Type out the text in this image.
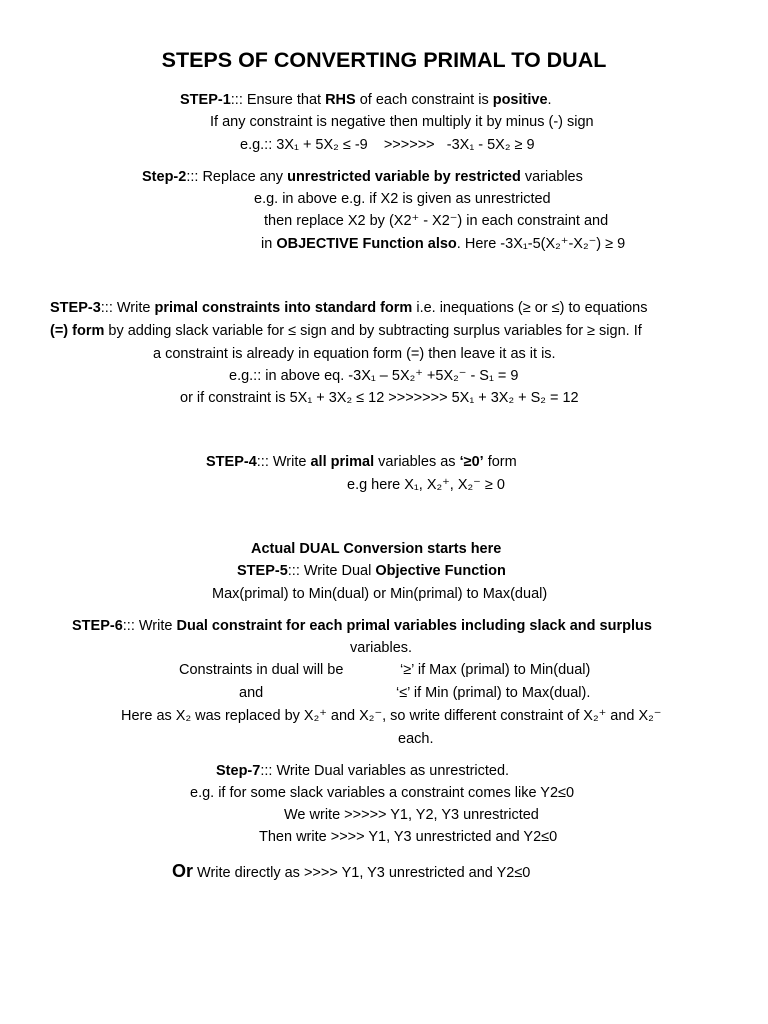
STEPS OF CONVERTING PRIMAL TO DUAL
STEP-1::: Ensure that RHS of each constraint is positive.
If any constraint is negative then multiply it by minus (-) sign
e.g.:: 3X₁ + 5X₂ ≤ -9 >>>>>> -3X₁ - 5X₂ ≥ 9
Step-2::: Replace any unrestricted variable by restricted variables
e.g. in above e.g. if X2 is given as unrestricted
then replace X2 by (X2⁺ - X2⁻) in each constraint and
in OBJECTIVE Function also. Here -3X₁-5(X₂⁺-X₂⁻) ≥ 9
STEP-3::: Write primal constraints into standard form i.e. inequations (≥ or ≤) to equations
(=) form by adding slack variable for ≤ sign and by subtracting surplus variables for ≥ sign. If
a constraint is already in equation form (=) then leave it as it is.
e.g.:: in above eq. -3X₁ – 5X₂⁺ +5X₂⁻ - S₁ = 9
or if constraint is 5X₁ + 3X₂ ≤ 12 >>>>>>> 5X₁ + 3X₂ + S₂ = 12
STEP-4::: Write all primal variables as ‘≥0’ form
e.g here X₁, X₂⁺, X₂⁻ ≥ 0
Actual DUAL Conversion starts here
STEP-5::: Write Dual Objective Function
Max(primal) to Min(dual) or Min(primal) to Max(dual)
STEP-6::: Write Dual constraint for each primal variables including slack and surplus
variables.
Constraints in dual will be	‘≥’ if Max (primal) to Min(dual)
and	‘≤’ if Min (primal) to Max(dual).
Here as X₂ was replaced by X₂⁺ and X₂⁻, so write different constraint of X₂⁺ and X₂⁻
each.
Step-7::: Write Dual variables as unrestricted.
e.g. if for some slack variables a constraint comes like Y2≤0
We write >>>>> Y1, Y2, Y3 unrestricted
Then write >>>> Y1, Y3 unrestricted and Y2≤0
Or Write directly as >>>> Y1, Y3 unrestricted and Y2≤0
